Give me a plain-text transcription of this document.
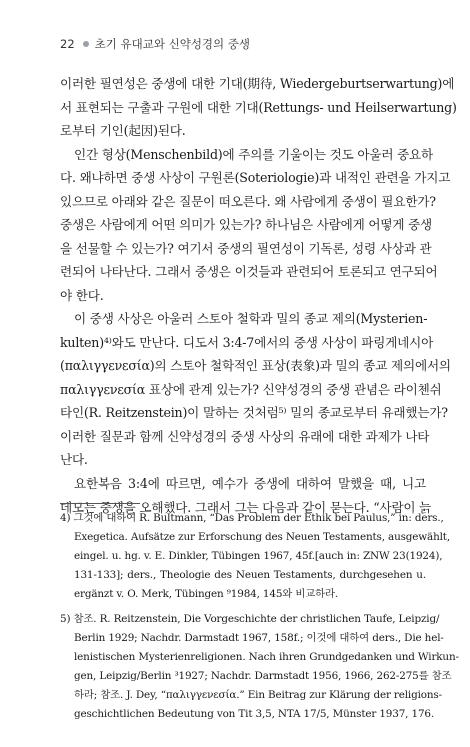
22 초기 유대교와 신약성경의 중생
이러한 필연성은 중생에 대한 기대(期待, Wiedergeburtserwartung)에
서 표현되는 구출과 구원에 대한 기대(Rettungs- und Heilserwartung)
로부터 기인(起因)된다.
인간 형상(Menschenbild)에 주의를 기울이는 것도 아울러 중요하
다. 왜냐하면 중생 사상이 구원론(Soteriologie)과 내적인 관련을 가지고
있으므로 아래와 같은 질문이 떠오른다. 왜 사람에게 중생이 필요한가?
중생은 사람에게 어떤 의미가 있는가? 하나님은 사람에게 어떻게 중생
을 선물할 수 있는가? 여기서 중생의 필연성이 기독론, 성령 사상과 관
련되어 나타난다. 그래서 중생은 이것들과 관련되어 토론되고 연구되어
야 한다.
이 중생 사상은 아울러 스토아 철학과 밀의 종교 제의(Mysterien-
kulten)⁴⁾와도 만난다. 디도서 3:4-7에서의 중생 사상이 파링게네시아
(παλιγγενεσία)의 스토아 철학적인 표상(表象)과 밀의 종교 제의에서의
παλιγγενεσία 표상에 관계 있는가? 신약성경의 중생 관념은 라이첸쉬
타인(R. Reitzenstein)이 말하는 것처럼⁵⁾ 밀의 종교로부터 유래했는가?
이러한 질문과 함께 신약성경의 중생 사상의 유래에 대한 과제가 나타
난다.
요한복음 3:4에 따르면, 예수가 중생에 대하여 말했을 때, 니고
데모는 중생을 오해했다. 그래서 그는 다음과 같이 묻는다. “사람이 늙
4) 그것에 대하여 R. Bultmann, “Das Problem der Ethik bei Paulus,” in: ders.,
Exegetica. Aufsätze zur Erforschung des Neuen Testaments, ausgewählt,
eingel. u. hg. v. E. Dinkler, Tübingen 1967, 45f.[auch in: ZNW 23(1924),
131-133]; ders., Theologie des Neuen Testaments, durchgesehen u.
ergänzt v. O. Merk, Tübingen ⁹1984, 145와 비교하라.
5) 참조. R. Reitzenstein, Die Vorgeschichte der christlichen Taufe, Leipzig/
Berlin 1929; Nachdr. Darmstadt 1967, 158f.; 이것에 대하여 ders., Die hel-
lenistischen Mysterienreligionen. Nach ihren Grundgedanken und Wirkun-
gen, Leipzig/Berlin ³1927; Nachdr. Darmstadt 1956, 1966, 262-275를 참조
하라; 참조. J. Dey, “παλιγγενεσία.” Ein Beitrag zur Klärung der religions-
geschichtlichen Bedeutung von Tit 3,5, NTA 17/5, Münster 1937, 176.
